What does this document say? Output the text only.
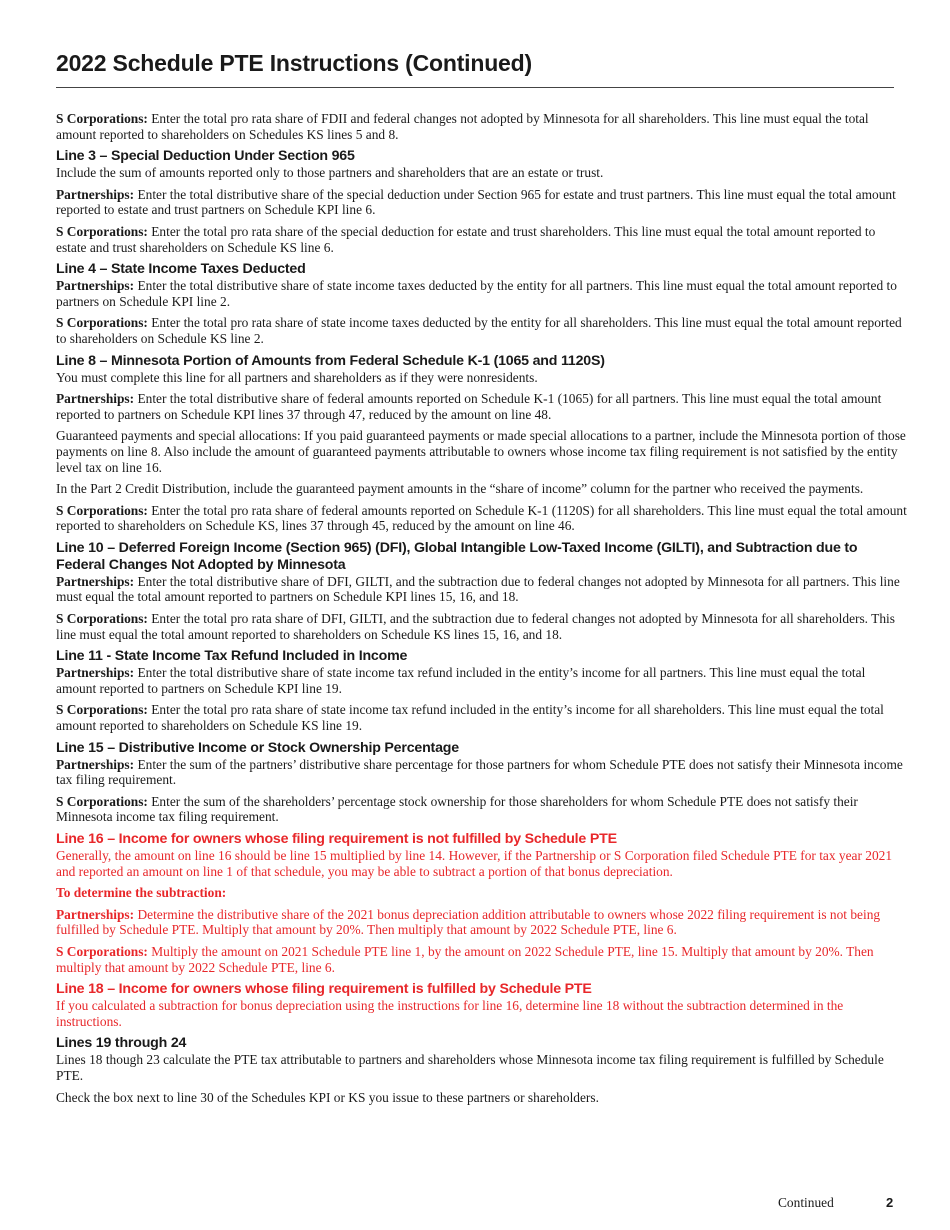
2022 Schedule PTE Instructions (Continued)

S Corporations: Enter the total pro rata share of FDII and federal changes not adopted by Minnesota for all shareholders. This line must equal the total amount reported to shareholders on Schedules KS lines 5 and 8.

Line 3 – Special Deduction Under Section 965

Include the sum of amounts reported only to those partners and shareholders that are an estate or trust.

Partnerships: Enter the total distributive share of the special deduction under Section 965 for estate and trust partners. This line must equal the total amount reported to estate and trust partners on Schedule KPI line 6.

S Corporations: Enter the total pro rata share of the special deduction for estate and trust shareholders. This line must equal the total amount reported to estate and trust shareholders on Schedule KS line 6.

Line 4 – State Income Taxes Deducted

Partnerships: Enter the total distributive share of state income taxes deducted by the entity for all partners. This line must equal the total amount reported to partners on Schedule KPI line 2.

S Corporations: Enter the total pro rata share of state income taxes deducted by the entity for all shareholders. This line must equal the total amount reported to shareholders on Schedule KS line 2.

Line 8 – Minnesota Portion of Amounts from Federal Schedule K-1 (1065 and 1120S)

You must complete this line for all partners and shareholders as if they were nonresidents.

Partnerships: Enter the total distributive share of federal amounts reported on Schedule K-1 (1065) for all partners. This line must equal the total amount reported to partners on Schedule KPI lines 37 through 47, reduced by the amount on line 48.

Guaranteed payments and special allocations: If you paid guaranteed payments or made special allocations to a partner, include the Minnesota portion of those payments on line 8. Also include the amount of guaranteed payments attributable to owners whose income tax filing requirement is not satisfied by the entity level tax on line 16.

In the Part 2 Credit Distribution, include the guaranteed payment amounts in the “share of income” column for the partner who received the payments.

S Corporations: Enter the total pro rata share of federal amounts reported on Schedule K-1 (1120S) for all shareholders. This line must equal the total amount reported to shareholders on Schedule KS, lines 37 through 45, reduced by the amount on line 46.

Line 10 – Deferred Foreign Income (Section 965) (DFI), Global Intangible Low-Taxed Income (GILTI), and Subtraction due to Federal Changes Not Adopted by Minnesota

Partnerships: Enter the total distributive share of DFI, GILTI, and the subtraction due to federal changes not adopted by Minnesota for all partners. This line must equal the total amount reported to partners on Schedule KPI lines 15, 16, and 18.

S Corporations: Enter the total pro rata share of DFI, GILTI, and the subtraction due to federal changes not adopted by Minnesota for all shareholders. This line must equal the total amount reported to shareholders on Schedule KS lines 15, 16, and 18.

Line 11 - State Income Tax Refund Included in Income

Partnerships: Enter the total distributive share of state income tax refund included in the entity’s income for all partners. This line must equal the total amount reported to partners on Schedule KPI line 19.

S Corporations: Enter the total pro rata share of state income tax refund included in the entity’s income for all shareholders. This line must equal the total amount reported to shareholders on Schedule KS line 19.

Line 15 – Distributive Income or Stock Ownership Percentage

Partnerships: Enter the sum of the partners’ distributive share percentage for those partners for whom Schedule PTE does not satisfy their Minnesota income tax filing requirement.

S Corporations: Enter the sum of the shareholders’ percentage stock ownership for those shareholders for whom Schedule PTE does not satisfy their Minnesota income tax filing requirement.

Line 16 – Income for owners whose filing requirement is not fulfilled by Schedule PTE

Generally, the amount on line 16 should be line 15 multiplied by line 14. However, if the Partnership or S Corporation filed Schedule PTE for tax year 2021 and reported an amount on line 1 of that schedule, you may be able to subtract a portion of that bonus depreciation.

To determine the subtraction:

Partnerships: Determine the distributive share of the 2021 bonus depreciation addition attributable to owners whose 2022 filing requirement is not being fulfilled by Schedule PTE. Multiply that amount by 20%. Then multiply that amount by 2022 Schedule PTE, line 6.

S Corporations: Multiply the amount on 2021 Schedule PTE line 1, by the amount on 2022 Schedule PTE, line 15. Multiply that amount by 20%. Then multiply that amount by 2022 Schedule PTE, line 6.

Line 18 – Income for owners whose filing requirement is fulfilled by Schedule PTE

If you calculated a subtraction for bonus depreciation using the instructions for line 16, determine line 18 without the subtraction determined in the instructions.

Lines 19 through 24

Lines 18 though 23 calculate the PTE tax attributable to partners and shareholders whose Minnesota income tax filing requirement is fulfilled by Schedule PTE.

Check the box next to line 30 of the Schedules KPI or KS you issue to these partners or shareholders.

Continued	2
